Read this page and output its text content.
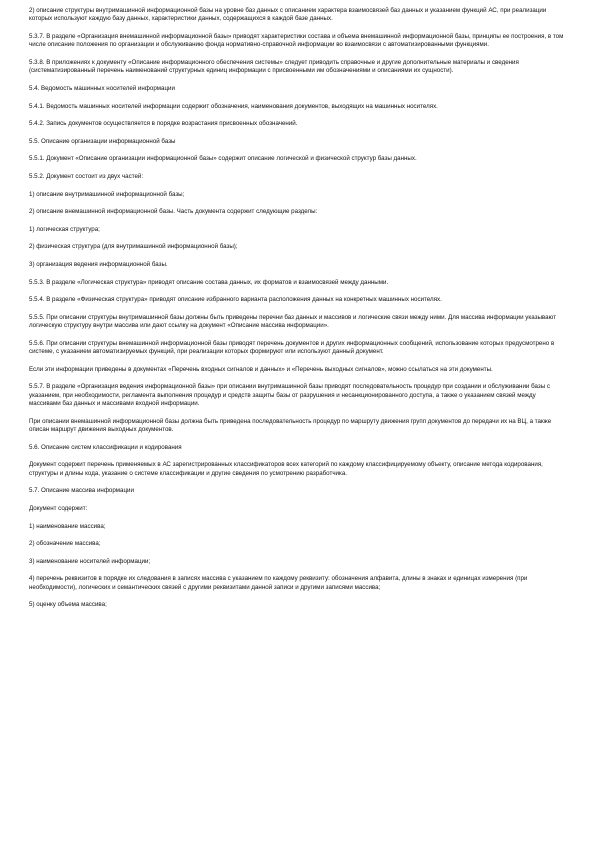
2) описание структуры внутримашинной информационной базы на уровне баз данных с описанием характера взаимосвязей баз данных и указанием функций АС, при реализации которых используют каждую базу данных, характеристики данных, содержащихся в каждой базе данных.

5.3.7. В разделе «Организация внемашинной информационной базы» приводят характеристики состава и объема внемашинной информационной базы, принципы ее построения, в том числе описание положения по организации и обслуживанию фонда нормативно-справочной информации во взаимосвязи с автоматизированными функциями.

5.3.8. В приложениях к документу «Описание информационного обеспечения системы» следует приводить справочные и другие дополнительные материалы и сведения (систематизированный перечень наименований структурных единиц информации с присвоенными им обозначениями и описаниями их сущности).

5.4. Ведомость машинных носителей информации

5.4.1. Ведомость машинных носителей информации содержит обозначения, наименования документов, выходящих на машинных носителях.

5.4.2. Запись документов осуществляется в порядке возрастания присвоенных обозначений.

5.5. Описание организации информационной базы

5.5.1. Документ «Описание организации информационной базы» содержит описание логической и физической структур базы данных.

5.5.2. Документ состоит из двух частей:

1) описание внутримашинной информационной базы;

2) описание внемашинной информационной базы. Часть документа содержит следующие разделы:

1) логическая структура;

2) физическая структура (для внутримашинной информационной базы);

3) организация ведения информационной базы.

5.5.3. В разделе «Логическая структура» приводят описание состава данных, их форматов и взаимосвязей между данными.

5.5.4. В разделе «Физическая структура» приводят описание избранного варианта расположения данных на конкретных машинных носителях.

5.5.5. При описании структуры внутримашинной базы должны быть приведены перечни баз данных и массивов и логические связи между ними. Для массива информации указывают логическую структуру внутри массива или дают ссылку на документ «Описание массива информации».

5.5.6. При описании структуры внемашинной информационной базы приводят перечень документов и других информационных сообщений, использование которых предусмотрено в системе, с указанием автоматизируемых функций, при реализации которых формируют или используют данный документ.

Если эти информации приведены в документах «Перечень входных сигналов и данных» и «Перечень выходных сигналов», можно ссылаться на эти документы.

5.5.7. В разделе «Организация ведения информационной базы» при описании внутримашинной базы приводят последовательность процедур при создании и обслуживании базы с указанием, при необходимости, регламента выполнения процедур и средств защиты базы от разрушения и несанкционированного доступа, а также о указанием связей между массивами баз данных и массивами входной информации.

При описании внемашинной информационной базы должна быть приведена последовательность процедур по маршруту движения групп документов до передачи их на ВЦ, а также описан маршрут движения выходных документов.

5.6. Описание систем классификации и кодирования

Документ содержит перечень применяемых в АС зарегистрированных классификаторов всех категорий по каждому классифицируемому объекту, описание метода кодирования, структуры и длины кода, указание о системе классификации и другие сведения по усмотрению разработчика.

5.7. Описание массива информации

Документ содержит:

1) наименование массива;

2) обозначение массива;

3) наименование носителей информации;

4) перечень реквизитов в порядке их следования в записях массива с указанием по каждому реквизиту: обозначения алфавита, длины в знаках и единицах измерения (при необходимости), логических и семантических связей с другими реквизитами данной записи и другими записями массива;

5) оценку объема массива;
